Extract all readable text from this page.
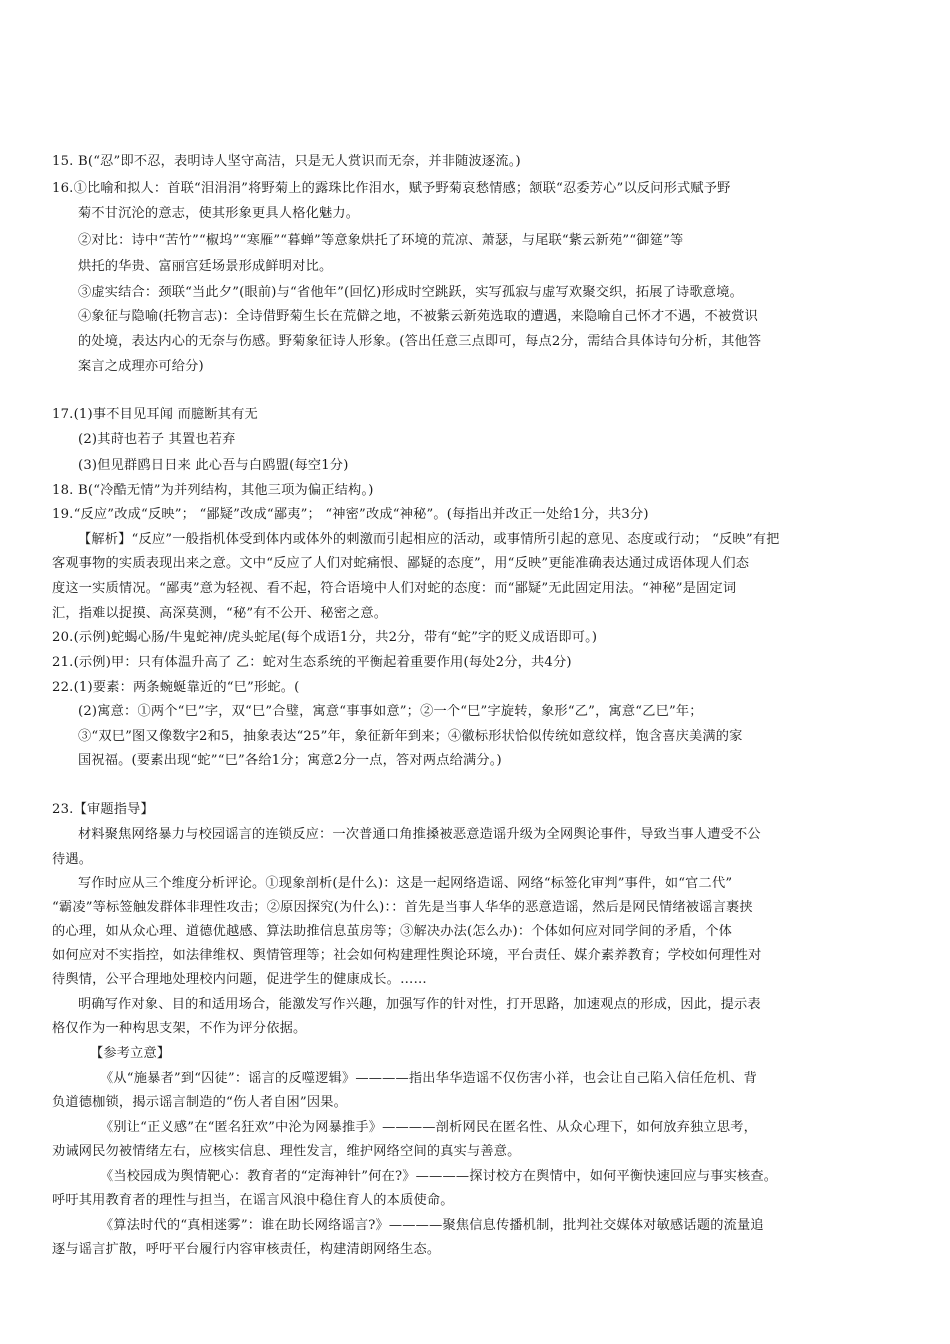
15. B(“忍”即不忍，表明诗人坚守高洁，只是无人赏识而无奈，并非随波逐流。)
16.①比喻和拟人：首联“泪涓涓”将野菊上的露珠比作泪水，赋予野菊哀愁情感；颔联“忍委芳心”以反问形式赋予野
菊不甘沉沦的意志，使其形象更具人格化魅力。
②对比：诗中“苦竹”“椒坞”“寒雁”“暮蝉”等意象烘托了环境的荒凉、萧瑟，与尾联“紫云新苑”“御筵”等
烘托的华贵、富丽宫廷场景形成鲜明对比。
③虚实结合：颈联“当此夕”(眼前)与“省他年”(回忆)形成时空跳跃，实写孤寂与虚写欢聚交织，拓展了诗歌意境。
④象征与隐喻(托物言志)：全诗借野菊生长在荒僻之地，不被紫云新苑选取的遭遇，来隐喻自己怀才不遇，不被赏识
的处境，表达内心的无奈与伤感。野菊象征诗人形象。(答出任意三点即可，每点2分，需结合具体诗句分析，其他答
案言之成理亦可给分)
17.(1)事不目见耳闻 而臆断其有无
(2)其莳也若子 其置也若弃
(3)但见群鸥日日来 此心吾与白鸥盟(每空1分)
18. B(“冷酷无情”为并列结构，其他三项为偏正结构。)
19.“反应”改成“反映”； “鄙疑”改成“鄙夷”； “神密”改成“神秘”。(每指出并改正一处给1分，共3分)
【解析】“反应”一般指机体受到体内或体外的刺激而引起相应的活动，或事情所引起的意见、态度或行动； “反映”有把
客观事物的实质表现出来之意。文中“反应了人们对蛇痛恨、鄙疑的态度”，用“反映”更能准确表达通过成语体现人们态
度这一实质情况。“鄙夷”意为轻视、看不起，符合语境中人们对蛇的态度：而“鄙疑”无此固定用法。“神秘”是固定词
汇，指难以捉摸、高深莫测，“秘”有不公开、秘密之意。
20.(示例)蛇蝎心肠/牛鬼蛇神/虎头蛇尾(每个成语1分，共2分，带有“蛇”字的贬义成语即可。)
21.(示例)甲：只有体温升高了 乙：蛇对生态系统的平衡起着重要作用(每处2分，共4分)
22.(1)要素：两条蜿蜒靠近的“巳”形蛇。(
(2)寓意：①两个“巳”字，双“巳”合璧，寓意“事事如意”；②一个“巳”字旋转，象形“乙”，寓意“乙巳”年；
③“双巳”图又像数字2和5，抽象表达“25”年，象征新年到来；④徽标形状恰似传统如意纹样，饱含喜庆美满的家
国祝福。(要素出现“蛇”“巳”各给1分；寓意2分一点，答对两点给满分。)
23.【审题指导】
材料聚焦网络暴力与校园谣言的连锁反应：一次普通口角推搡被恶意造谣升级为全网舆论事件，导致当事人遭受不公
待遇。
写作时应从三个维度分析评论。①现象剖析(是什么)：这是一起网络造谣、网络“标签化审判”事件，如“官二代”
“霸凌”等标签触发群体非理性攻击；②原因探究(为什么)：：首先是当事人华华的恶意造谣，然后是网民情绪被谣言裹挟
的心理，如从众心理、道德优越感、算法助推信息茧房等；③解决办法(怎么办)：个体如何应对同学间的矛盾，个体
如何应对不实指控，如法律维权、舆情管理等；社会如何构建理性舆论环境，平台责任、媒介素养教育；学校如何理性对
待舆情，公平合理地处理校内问题，促进学生的健康成长。……
明确写作对象、目的和适用场合，能激发写作兴趣，加强写作的针对性，打开思路，加速观点的形成，因此，提示表
格仅作为一种构思支架，不作为评分依据。
【参考立意】
《从“施暴者”到“囚徒”：谣言的反噬逻辑》————指出华华造谣不仅伤害小祥，也会让自己陷入信任危机、背
负道德枷锁，揭示谣言制造的“伤人者自困”因果。
《别让“正义感”在“匿名狂欢”中沦为网暴推手》————剖析网民在匿名性、从众心理下，如何放弃独立思考，
劝诫网民勿被情绪左右，应核实信息、理性发言，维护网络空间的真实与善意。
《当校园成为舆情靶心：教育者的“定海神针”何在?》————探讨校方在舆情中，如何平衡快速回应与事实核查。
呼吁其用教育者的理性与担当，在谣言风浪中稳住育人的本质使命。
《算法时代的“真相迷雾”：谁在助长网络谣言?》————聚焦信息传播机制，批判社交媒体对敏感话题的流量追
逐与谣言扩散，呼吁平台履行内容审核责任，构建清朗网络生态。
